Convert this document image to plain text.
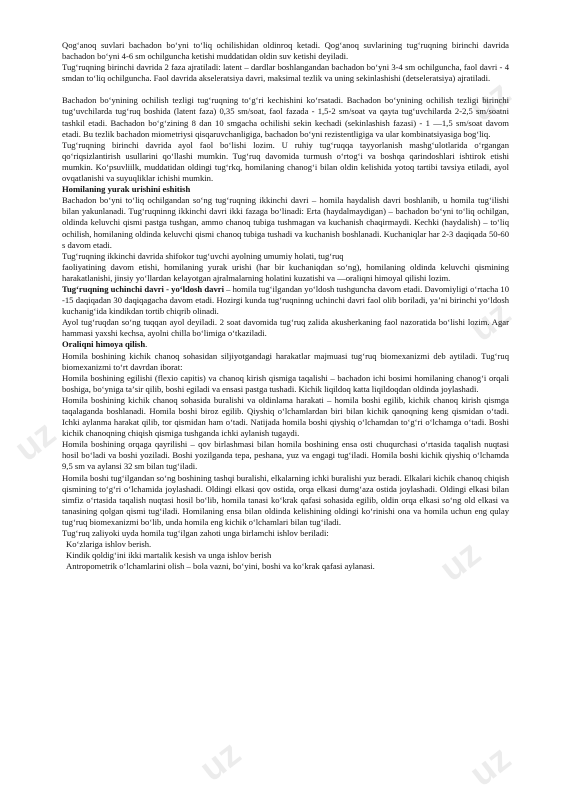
uz
uz
uz
uz
uz	uz

Qogʻanoq suvlari bachadon boʻyni toʻliq ochilishidan oldinroq ketadi. Qogʻanoq suvlarining tugʻruqning birinchi davrida bachadon boʻyni 4-6 sm ochilguncha ketishi muddatidan oldin suv ketishi deyiladi.

Tugʻruqning birinchi davrida 2 faza ajratiladi: latent – dardlar boshlangandan bachadon boʻyni 3-4 sm ochilguncha, faol davri - 4 smdan toʻliq ochilguncha. Faol davrida akseleratsiya davri, maksimal tezlik va uning sekinlashishi (detseleratsiya) ajratiladi.

Bachadon boʻynining ochilish tezligi tugʻruqning toʻgʻri kechishini koʻrsatadi. Bachadon boʻynining ochilish tezligi birinchi tugʻuvchilarda tugʻruq boshida (latent faza) 0,35 sm/soat, faol fazada - 1,5-2 sm/soat va qayta tugʻuvchilarda 2-2,5 sm/soatni tashkil etadi. Bachadon boʻgʻzining 8 dan 10 smgacha ochilishi sekin kechadi (sekinlashish fazasi) - 1 —1,5 sm/soat davom etadi. Bu tezlik bachadon miometriysi qisqaruvchanligiga, bachadon boʻyni rezistentligiga va ular kombinatsiyasiga bogʻliq.

Tugʻruqning birinchi davrida ayol faol boʻlishi lozim. U ruhiy tugʻruqqa tayyorlanish mashgʻulotlarida oʻrgangan qoʻriqsizlantirish usullarini qoʻllashi mumkin. Tugʻruq davomida turmush oʻrtogʻi va boshqa qarindoshlari ishtirok etishi mumkin. Koʻpsuvliilk, muddatidan oldingi tugʻrkq, homilaning chanogʻi bilan oldin kelishida yotoq tartibi tavsiya etiladi, ayol ovqatlanishi va suyuqliklar ichishi mumkin.

Homilaning yurak urishini eshitish

Bachadon boʻyni toʻliq ochilgandan soʻng tugʻruqning ikkinchi davri – homila haydalish davri boshlanib, u homila tugʻilishi bilan yakunlanadi. Tugʻruqninng ikkinchi davri ikki fazaga boʻlinadi: Erta (haydalmaydigan) – bachadon boʻyni toʻliq ochilgan, oldinda keluvchi qismi pastga tushgan, ammo chanoq tubiga tushmagan va kuchanish chaqirmaydi. Kechki (haydalish) – toʻliq ochilish, homilaning oldinda keluvchi qismi chanoq tubiga tushadi va kuchanish boshlanadi. Kuchaniqlar har 2-3 daqiqada 50-60 s davom etadi.

Tugʻruqning ikkinchi davrida shifokor tugʻuvchi ayolning umumiy holati, tugʻruq

faoliyatining davom etishi, homilaning yurak urishi (har bir kuchaniqdan soʻng), homilaning oldinda keluvchi qismining harakatlanishi, jinsiy yoʻllardan kelayotgan ajralmalarning holatini kuzatishi va ―oraliqni himoyal qilishi lozim.

Tugʻruqning uchinchi davri - yoʻldosh davri – homila tugʻilgandan yoʻldosh tushguncha davom etadi. Davomiyligi oʻrtacha 10 -15 daqiqadan 30 daqiqagacha davom etadi. Hozirgi kunda tugʻruqninng uchinchi davri faol olib boriladi, yaʼni birinchi yoʻldosh kuchanigʻida kindikdan tortib chiqrib olinadi.

Ayol tugʻruqdan soʻng tuqqan ayol deyiladi. 2 soat davomida tugʻruq zalida akusherkaning faol nazoratida boʻlishi lozim. Agar hammasi yaxshi kechsa, ayolni chilla boʻlimiga oʻtkaziladi.

Oraliqni himoya qilish.

Homila boshining kichik chanoq sohasidan siljiyotgandagi harakatlar majmuasi tugʻruq biomexanizmi deb aytiladi. Tugʻruq biomexanizmi toʻrt davrdan iborat:

Homila boshining egilishi (flexio capitis) va chanoq kirish qismiga taqalishi – bachadon ichi bosimi homilaning chanogʻi orqali boshiga, boʻyniga taʼsir qilib, boshi egiladi va ensasi pastga tushadi. Kichik liqildoq katta liqildoqdan oldinda joylashadi.

Homila boshining kichik chanoq sohasida buralishi va oldinlama harakati – homila boshi egilib, kichik chanoq kirish qismga taqalaganda boshlanadi. Homila boshi biroz egilib. Qiyshiq oʻlchamlardan biri bilan kichik qanoqning keng qismidan oʻtadi. Ichki aylanma harakat qilib, tor qismidan ham oʻtadi. Natijada homila boshi qiyshiq oʻlchamdan toʻgʻri oʻlchamga oʻtadi. Boshi kichik chanoqning chiqish qismiga tushganda ichki aylanish tugaydi.

Homila boshining orqaga qayrilishi – qov birlashmasi bilan homila boshining ensa osti chuqurchasi oʻrtasida taqalish nuqtasi hosil boʻladi va boshi yoziladi. Boshi yozilganda tepa, peshana, yuz va engagi tugʻiladi. Homila boshi kichik qiyshiq oʻlchamda 9,5 sm va aylansi 32 sm bilan tugʻiladi.

Homila boshi tugʻilgandan soʻng boshining tashqi buralishi, elkalarning ichki buralishi yuz beradi. Elkalari kichik chanoq chiqish qismining toʻgʻri oʻlchamida joylashadi. Oldingi elkasi qov ostida, orqa elkasi dumgʻaza ostida joylashadi. Oldingi elkasi bilan simfiz oʻrtasida taqalish nuqtasi hosil boʻlib, homila tanasi koʻkrak qafasi sohasida egilib, oldin orqa elkasi soʻng old elkasi va tanasining qolgan qismi tugʻiladi. Homilaning ensa bilan oldinda kelishining oldingi koʻrinishi ona va homila uchun eng qulay tugʻruq biomexanizmi boʻlib, unda homila eng kichik oʻlchamlari bilan tugʻiladi.

Tugʻruq zaliyoki uyda homila tugʻilgan zahoti unga birlamchi ishlov beriladi:

Koʻzlariga ishlov berish.
Kindik qoldigʻini ikki martalik kesish va unga ishlov berish
Antropometrik oʻlchamlarini olish – bola vazni, boʻyini, boshi va koʻkrak qafasi aylanasi.
